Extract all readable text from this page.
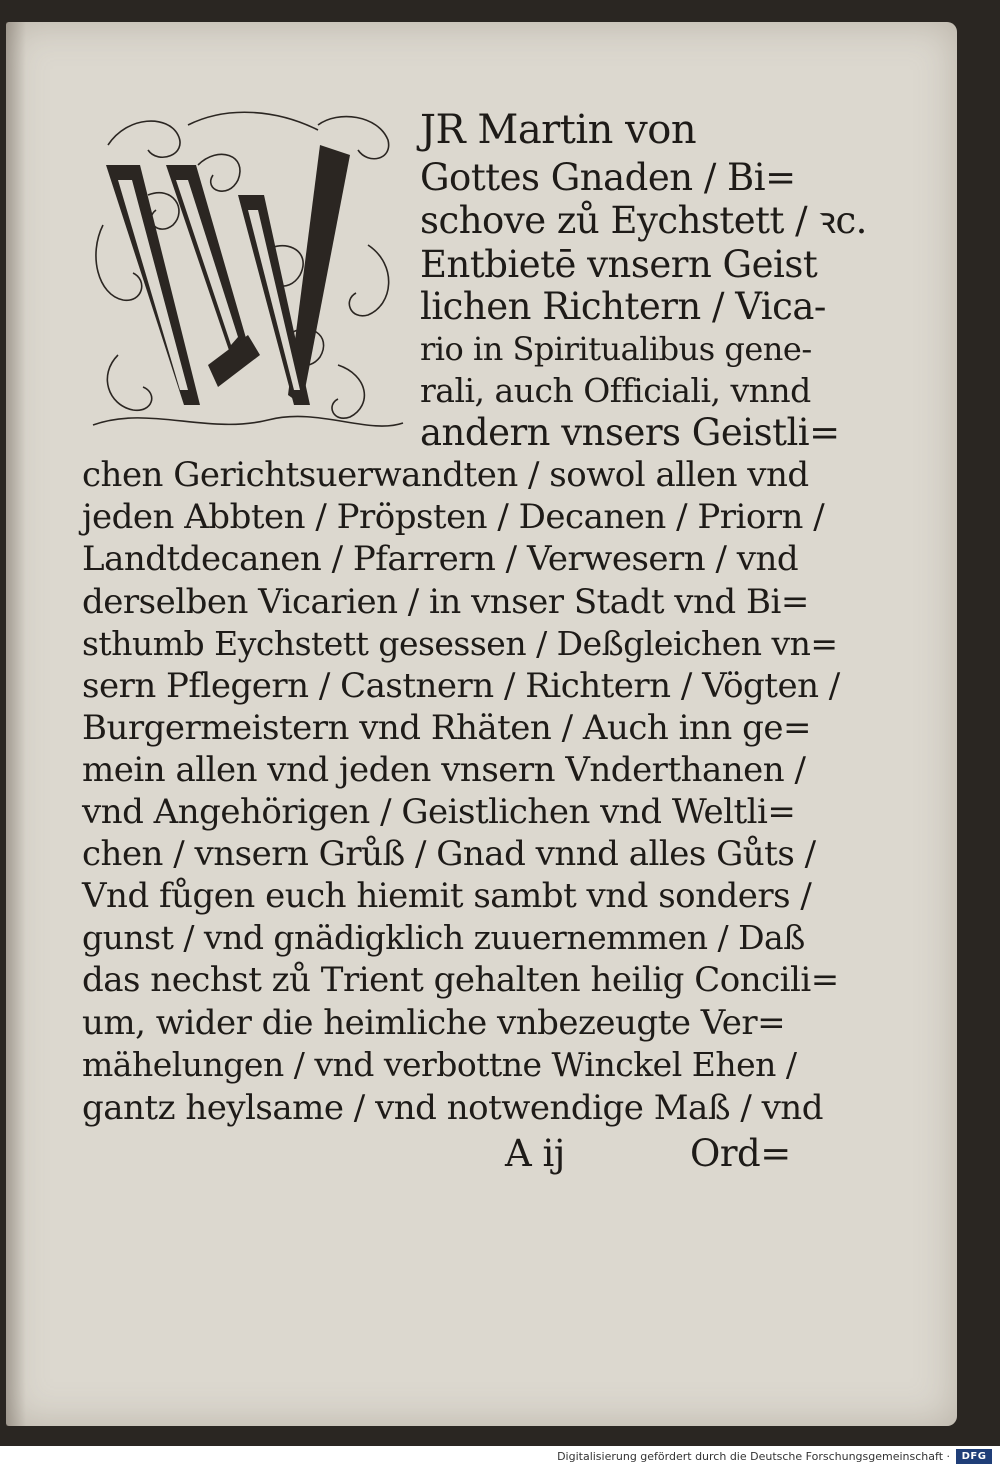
JR Martin von
Gottes Gnaden / Bi=
schove zů Eychstett / ꝛc.
Entbietē vnsern Geist
lichen Richtern / Vica-
rio in Spiritualibus gene-
rali, auch Officiali, vnnd
andern vnsers Geistli=
chen Gerichtsuerwandten / sowol allen vnd
jeden Abbten / Pröpsten / Decanen / Priorn /
Landtdecanen / Pfarrern / Verwesern / vnd
derselben Vicarien / in vnser Stadt vnd Bi=
sthumb Eychstett gesessen / Deßgleichen vn=
sern Pflegern / Castnern / Richtern / Vögten /
Burgermeistern vnd Rhäten / Auch inn ge=
mein allen vnd jeden vnsern Vnderthanen /
vnd Angehörigen / Geistlichen vnd Weltli=
chen / vnsern Grůß / Gnad vnnd alles Gůts /
Vnd fůgen euch hiemit sambt vnd sonders /
gunst / vnd gnädigklich zuuernemmen / Daß
das nechst zů Trient gehalten heilig Concili=
um, wider die heimliche vnbezeugte Ver=
mähelungen / vnd verbottne Winckel Ehen /
gantz heylsame / vnd notwendige Maß / vnd
A ij	Ord=
Digitalisierung gefördert durch die Deutsche Forschungsgemeinschaft ·	DFG
